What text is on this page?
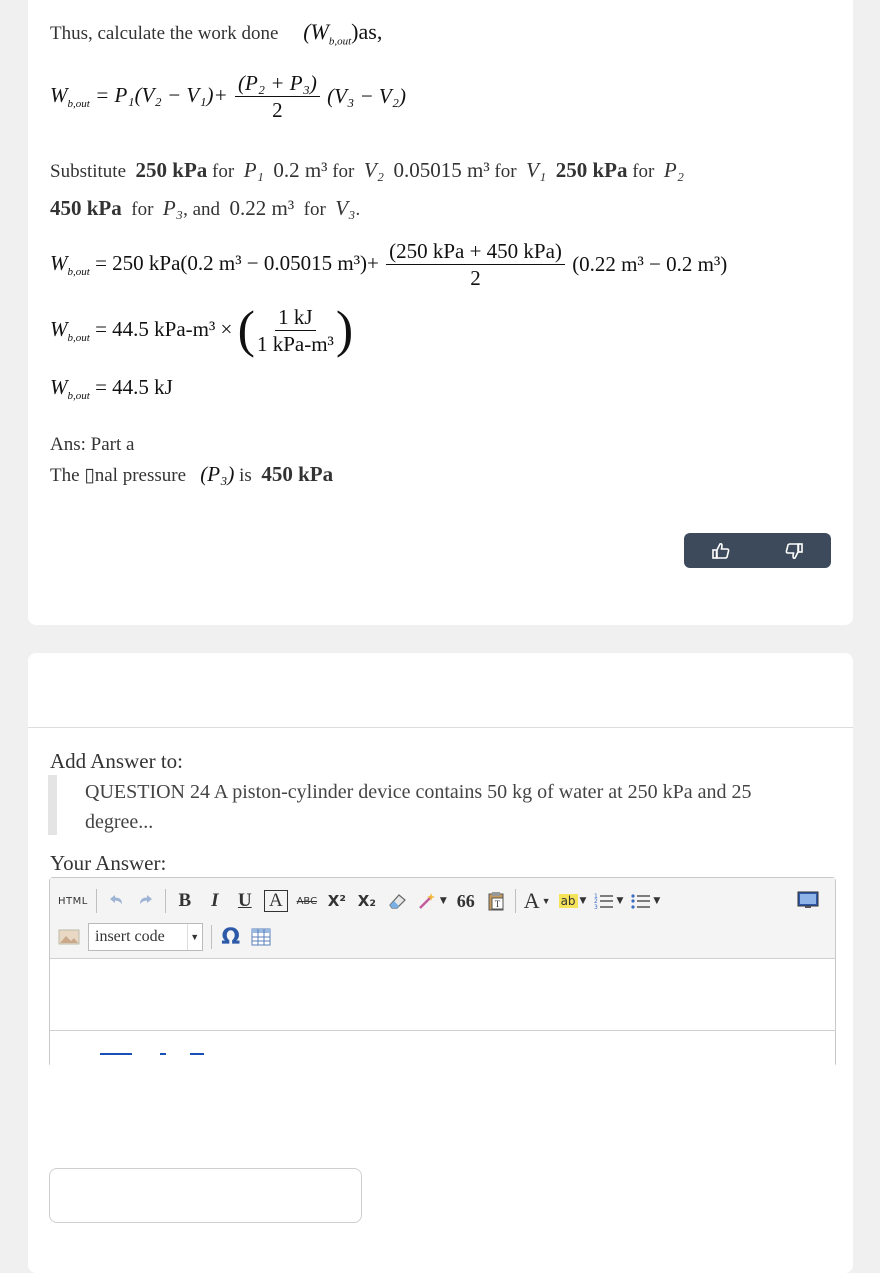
Thus, calculate the work done $(W_{b,out})as$,
$W_{b,out} = P_1(V_2 - V_1)+ \frac{\text{(P₂ + P₃)}}{2} (V_3 - V_2)$
Substitute 250 kPa for P₁ 0.2 m³ for V₂ 0.05015 m³ for V₁ 250 kPa for P₂
450 kPa for P₃, and 0.22 m³ for V₃.
$W_{b,out} = 250$ kPa(0.2 m³ − 0.05015 $m^3)+ \frac{\text{(250 kPa + 450 kPa)}}{2} (0.22$ m³ − 0.2 m³)
$W_{b,out} = 44.5$ kPa-m³ × ( $\frac{1 kJ}{\text{1 kPa-m³}}$ )
$W_{b,out} = 44.5$ kJ
Ans: Part a
The ▯nal pressure (P₃) is 450 kPa
Add Answer to:
QUESTION 24 A piston-cylinder device contains 50 kg of water at 250 kPa and 25 degree...
Your Answer:
HTML	B	I	U A	ABC X² X₂	▼ 66 T A ▼ ab ▼ 1
2
3
▼	▼
insert code	▼ Ω
